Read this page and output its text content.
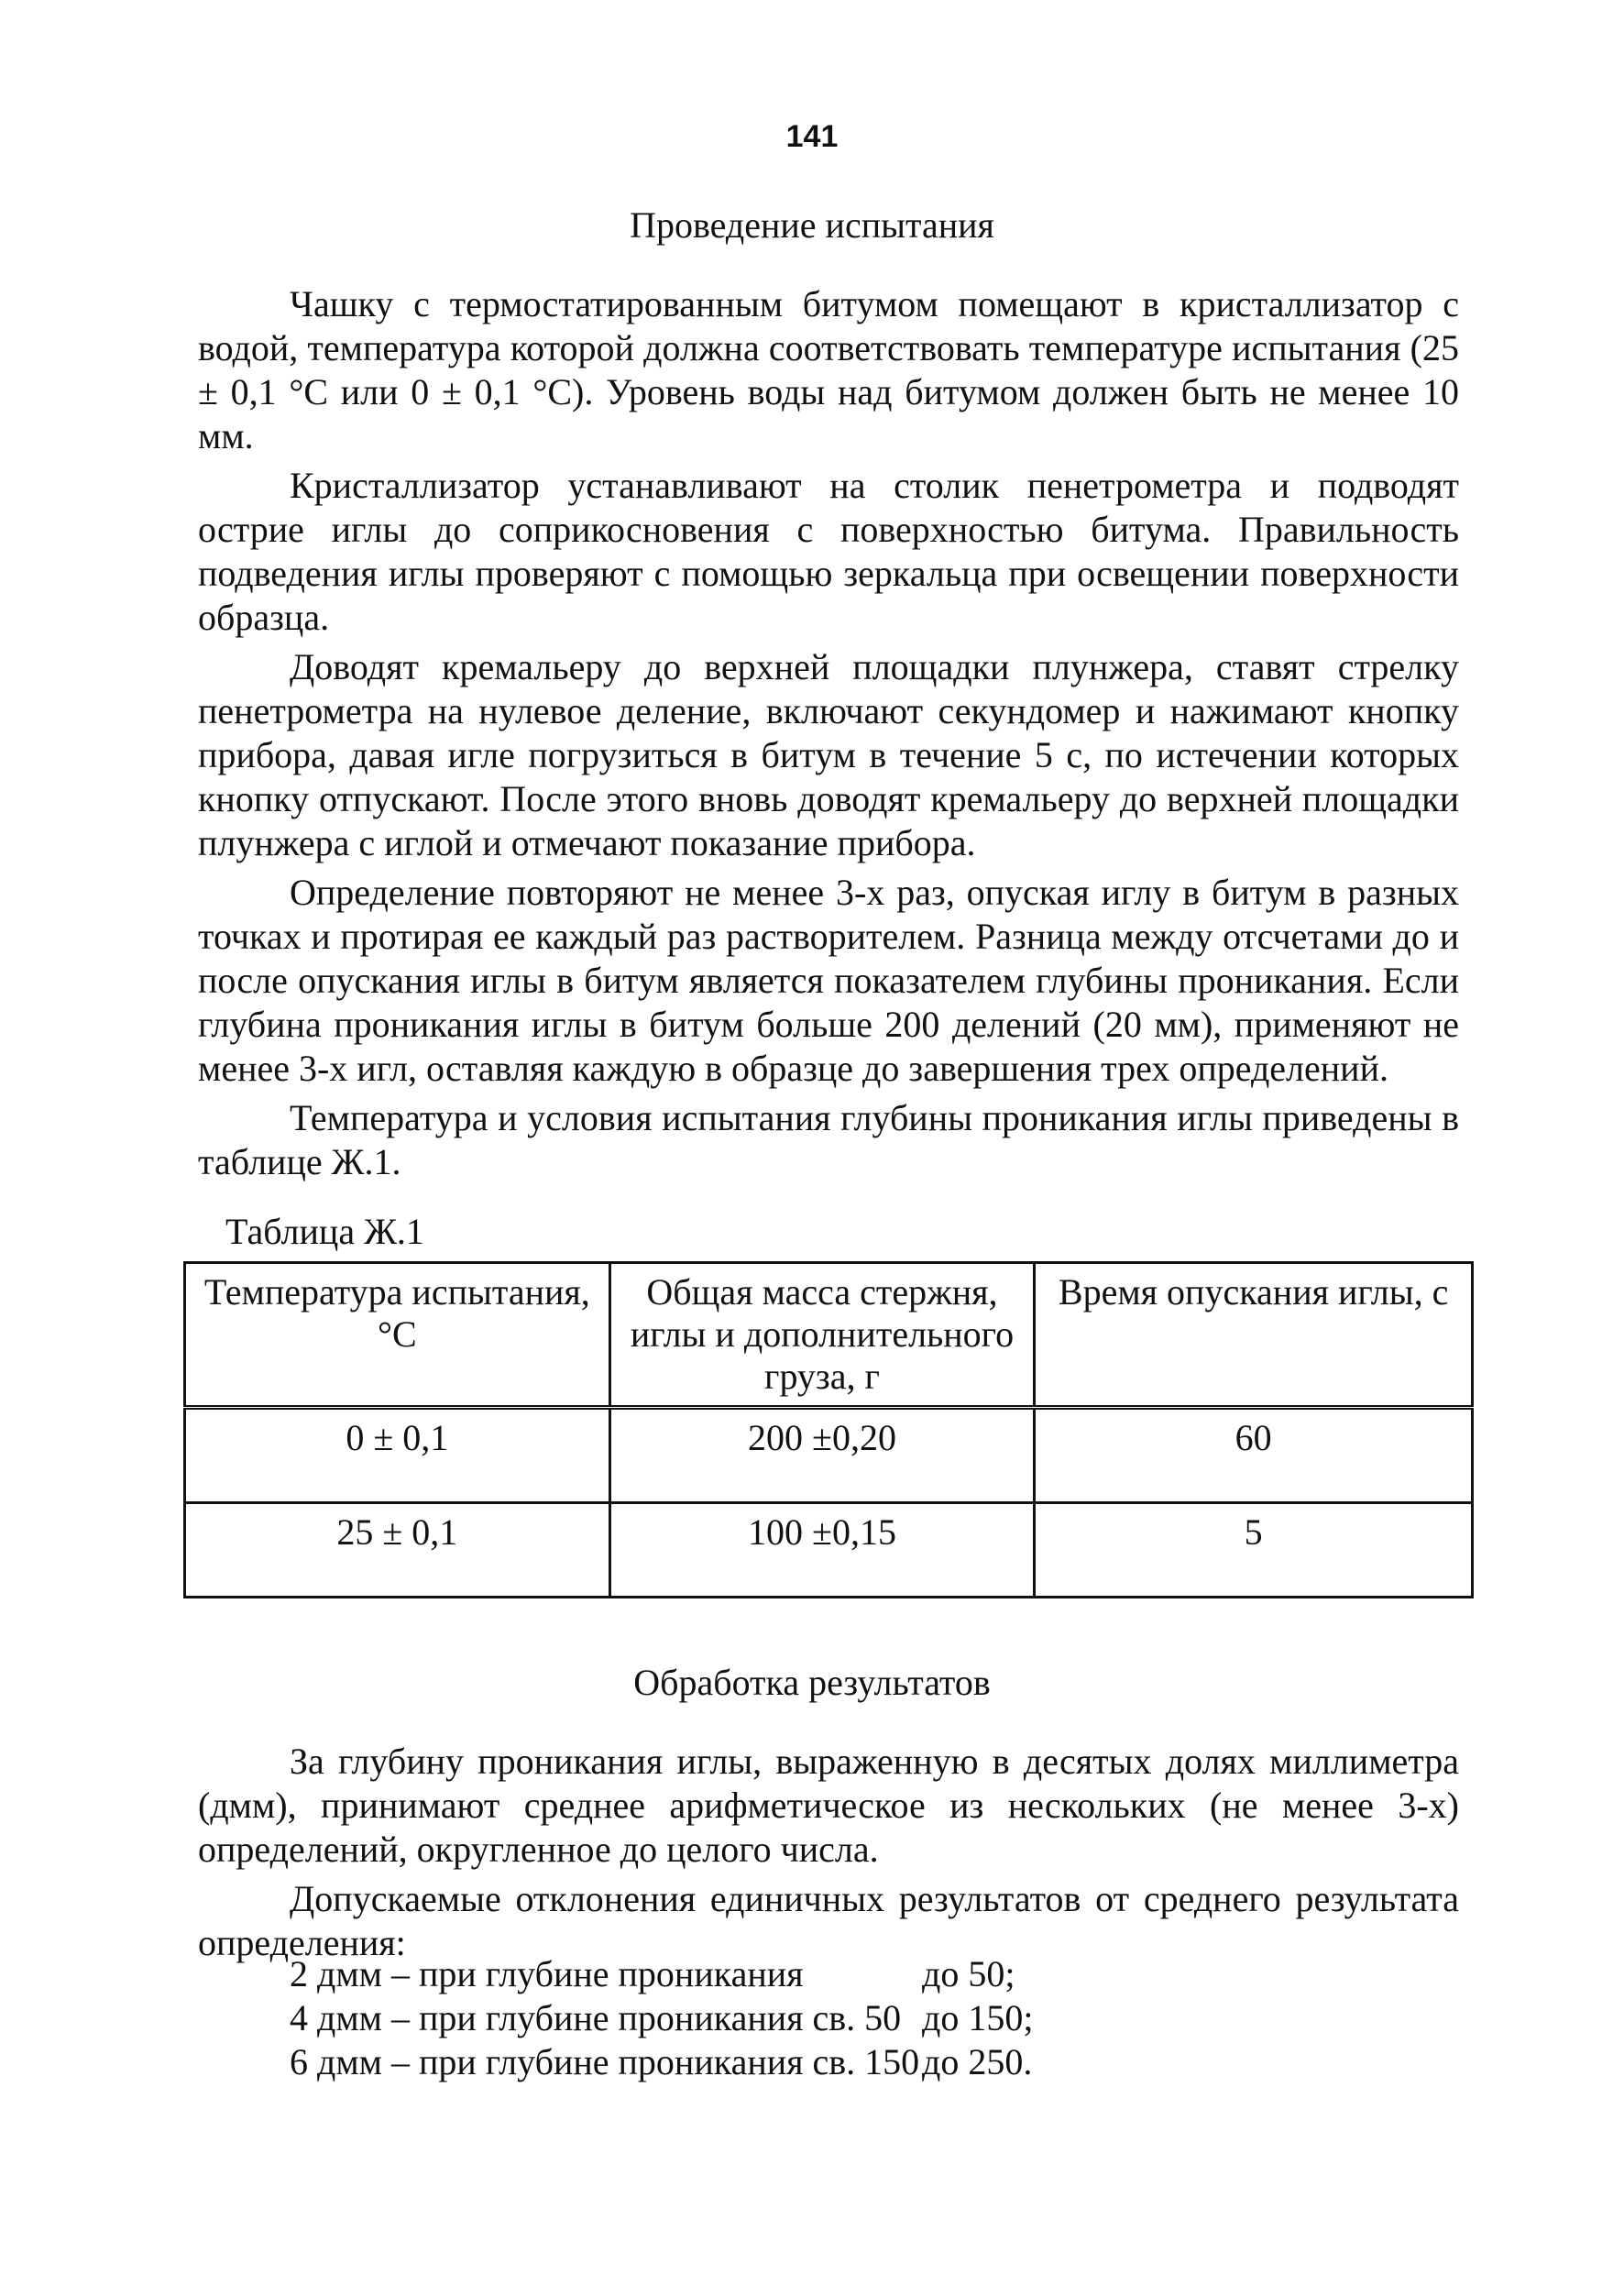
141
Проведение испытания

Чашку с термостатированным битумом помещают в кристаллизатор с водой, температура которой должна соответствовать температуре испытания (25 ± 0,1 °С или 0 ± 0,1 °С). Уровень воды над битумом должен быть не менее 10 мм.

Кристаллизатор устанавливают на столик пенетрометра и подводят острие иглы до соприкосновения с поверхностью битума. Правильность подведения иглы проверяют с помощью зеркальца при освещении поверхности образца.

Доводят кремальеру до верхней площадки плунжера, ставят стрелку пенетрометра на нулевое деление, включают секундомер и нажимают кнопку прибора, давая игле погрузиться в битум в течение 5 с, по истечении которых кнопку отпускают. После этого вновь доводят кремальеру до верхней площадки плунжера с иглой и отмечают показание прибора.

Определение повторяют не менее 3-х раз, опуская иглу в битум в разных точках и протирая ее каждый раз растворителем. Разница между отсчетами до и после опускания иглы в битум является показателем глубины проникания. Если глубина проникания иглы в битум больше 200 делений (20 мм), применяют не менее 3-х игл, оставляя каждую в образце до завершения трех определений.

Температура и условия испытания глубины проникания иглы приведены в таблице Ж.1.

Таблица Ж.1
Температура испытания, °С	Общая масса стержня, иглы и дополнительного груза, г	Время опускания иглы, с
0 ± 0,1	200 ±0,20	60
25 ± 0,1	100 ±0,15	5
Обработка результатов

За глубину проникания иглы, выраженную в десятых долях миллиметра (дмм), принимают среднее арифметическое из нескольких (не менее 3-х) определений, округленное до целого числа.

Допускаемые отклонения единичных результатов от среднего результата определения:

2 дмм – при глубине проникания	до 50;
4 дмм – при глубине проникания св. 50 до 150;
6 дмм – при глубине проникания св. 150 до 250.
